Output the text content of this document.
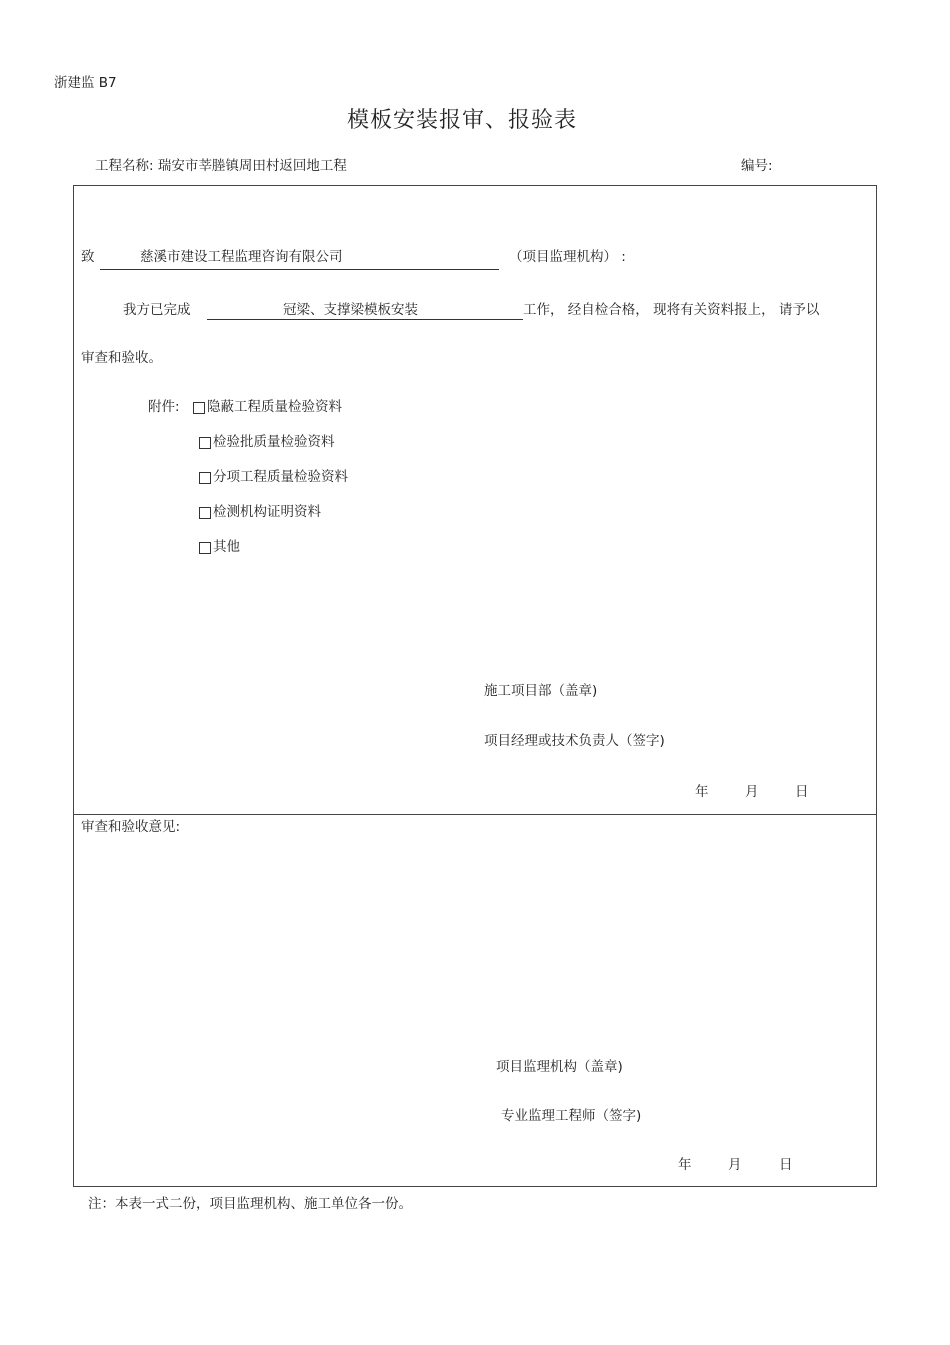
浙建监 B7
模板安装报审、报验表
工程名称: 瑞安市莘塍镇周田村返回地工程	编号:
致	慈溪市建设工程监理咨询有限公司	（项目监理机构） :
我方已完成	冠梁、支撑梁模板安装	工作， 经自检合格， 现将有关资料报上， 请予以
审查和验收。
附件: 隐蔽工程质量检验资料
检验批质量检验资料
分项工程质量检验资料
检测机构证明资料
其他
施工项目部（盖章)
项目经理或技术负责人（签字)
年	月	日
审查和验收意见:
项目监理机构（盖章)
专业监理工程师（签字)
年	月	日
注：本表一式二份，项目监理机构、施工单位各一份。
